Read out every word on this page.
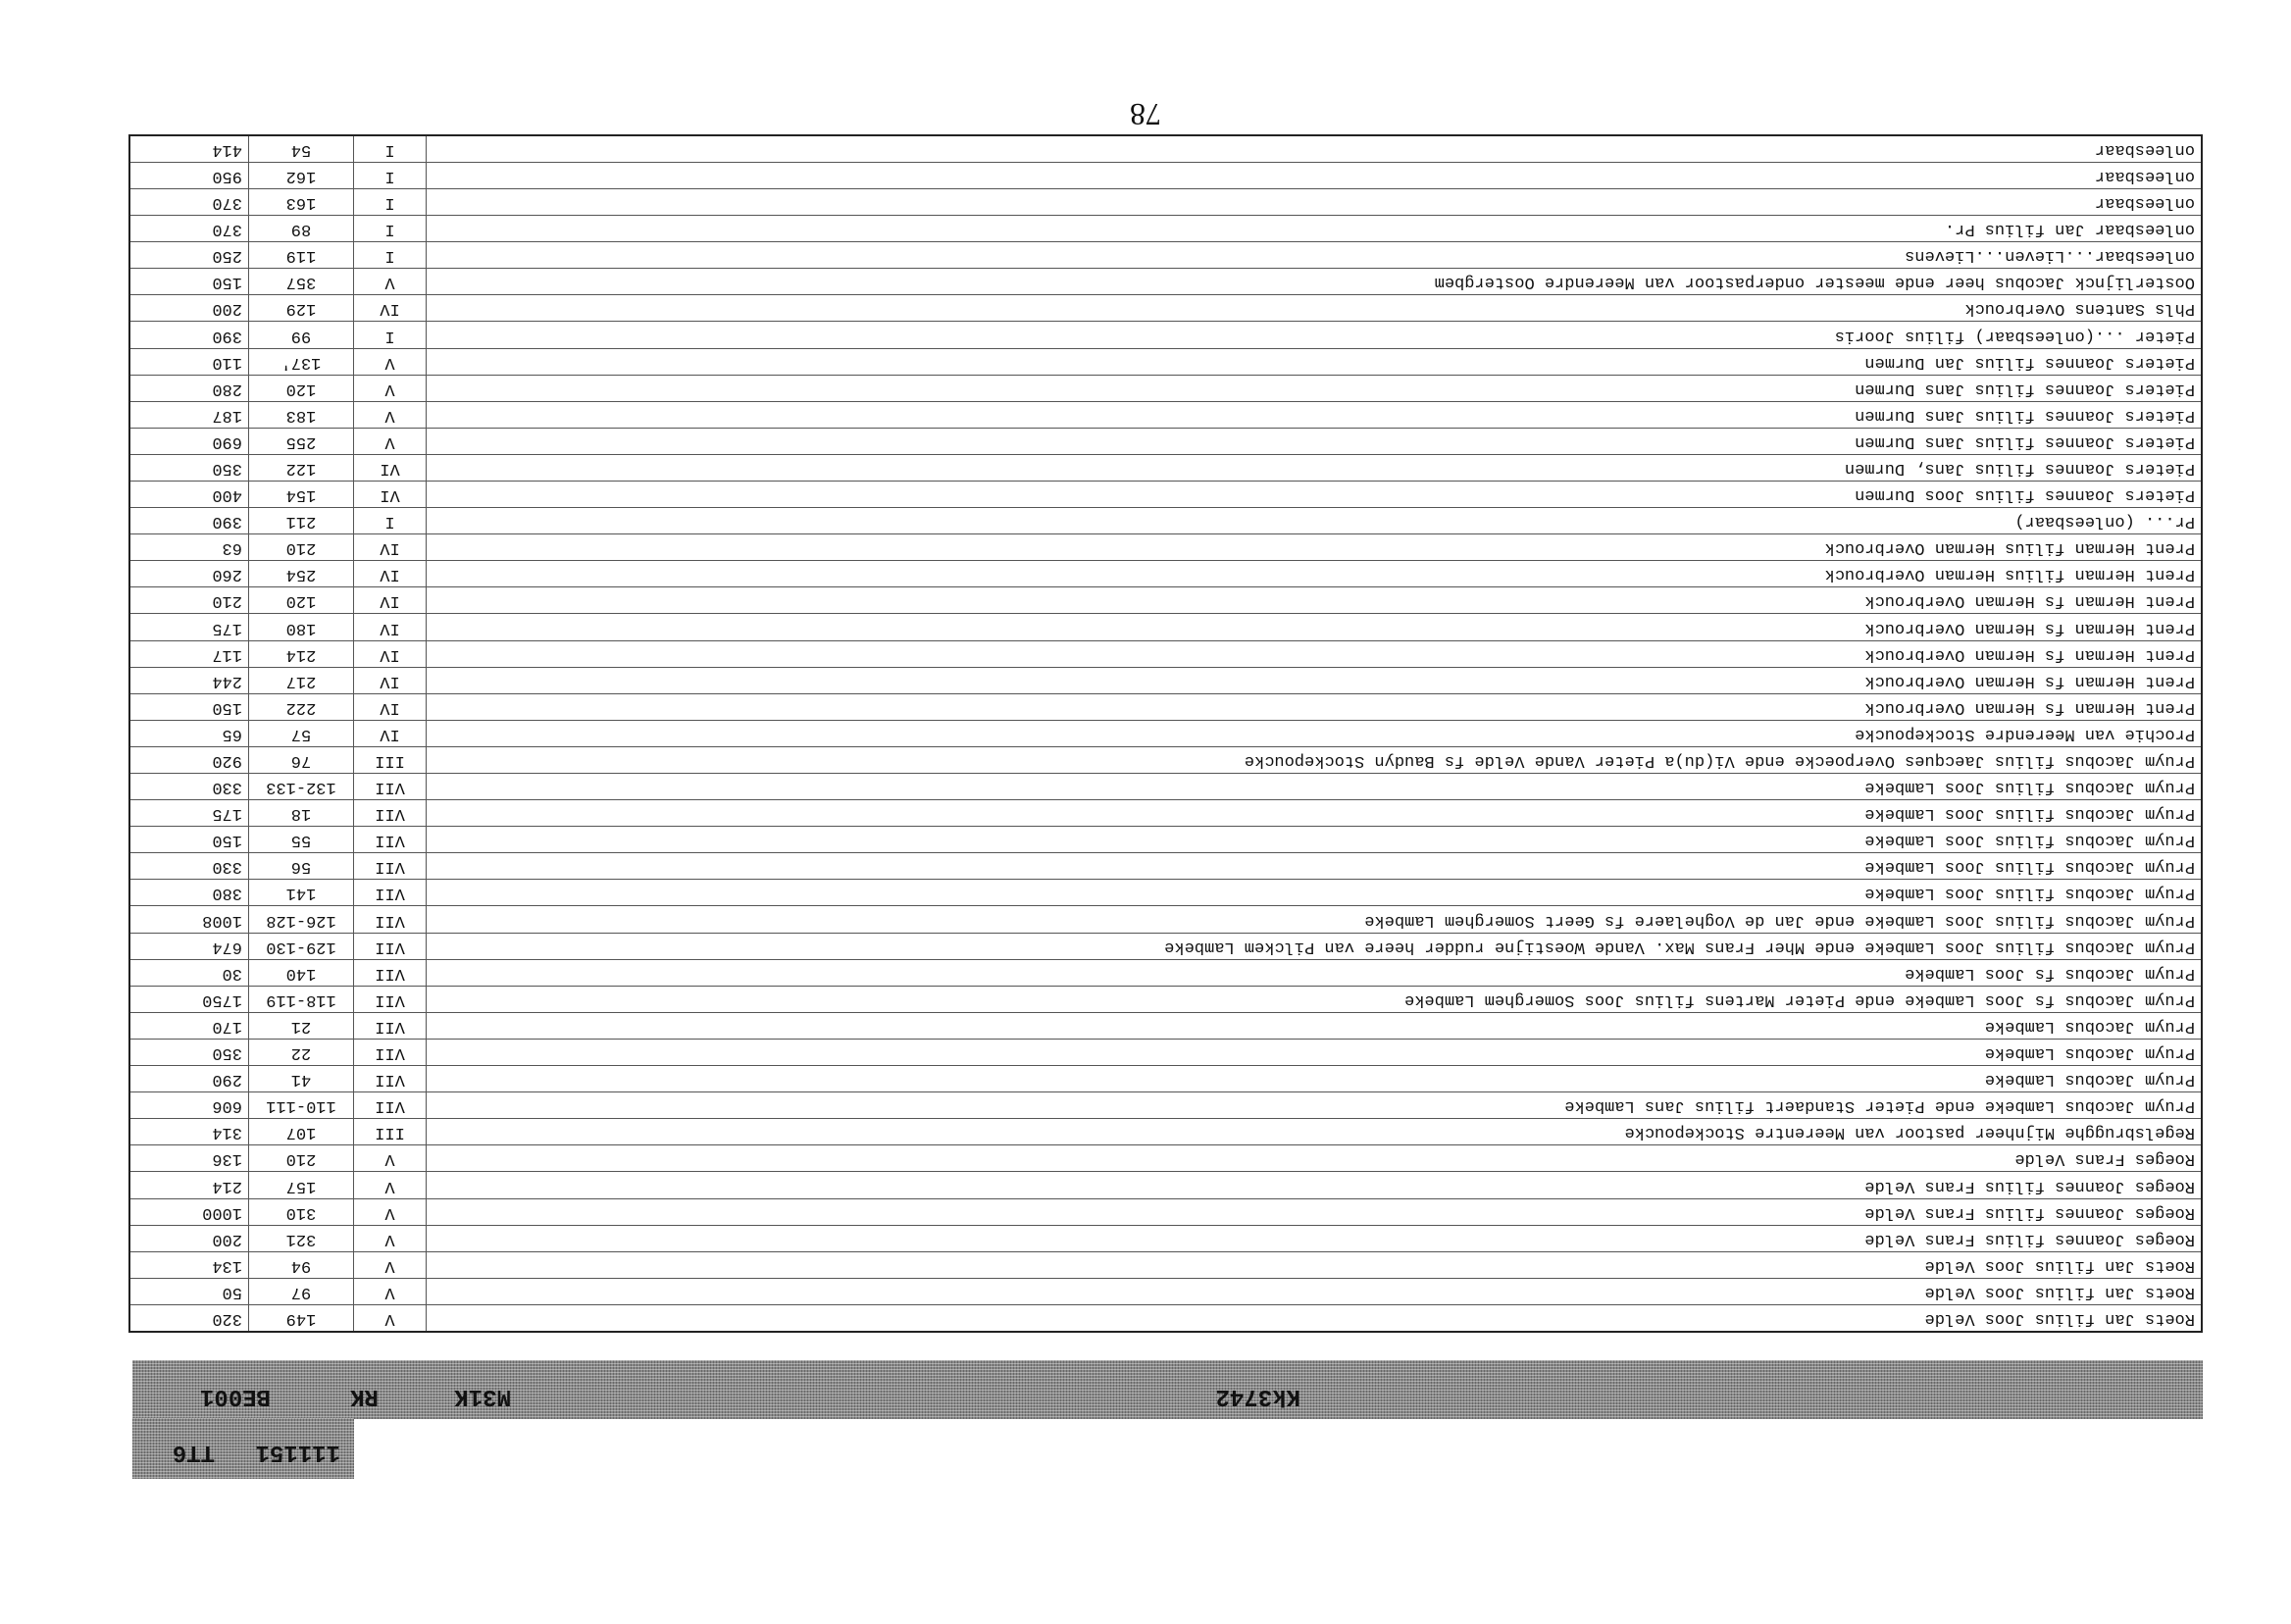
78
Roets Jan filius Joos Velde
V
149
320
Roets Jan filius Joos Velde
V
97
50
Roets Jan filius Joos Velde
V
94
134
Roeges Joannes filius Frans Velde
V
321
200
Roeges Joannes filius Frans Velde
V
310
1000
Roeges Joannes filius Frans Velde
V
157
214
Roeges Frans Velde
V
210
136
Regelsbrugghe Mijnheer pastoor van Meerentre Stockepoucke
III
107
314
Pruym Jacobus Lambeke ende Pieter Standaert filius Jans Lambeke
VII
110-111
606
Pruym Jacobus Lambeke
VII
41
290
Pruym Jacobus Lambeke
VII
22
350
Pruym Jacobus Lambeke
VII
21
170
Pruym Jacobus fs Joos Lambeke ende Pieter Martens filius Joos Somerghem Lambeke
VII
118-119
1750
Pruym Jacobus fs Joos Lambeke
VII
140
30
Pruym Jacobus filius Joos Lambeke ende Mher Frans Max. Vande Woestijne rudder heere van Pilckem Lambeke
VII
129-130
674
Pruym Jacobus filius Joos Lambeke ende Jan de Voghelaere fs Geert Somerghem Lambeke
VII
126-128
1008
Pruym Jacobus filius Joos Lambeke
VII
141
380
Pruym Jacobus filius Joos Lambeke
VII
56
330
Pruym Jacobus filius Joos Lambeke
VII
55
150
Pruym Jacobus filius Joos Lambeke
VII
18
175
Pruym Jacobus filius Joos Lambeke
VII
132-133
330
Pruym Jacobus filius Jaecques Overpoecke ende Vi(du)a Pieter Vande Velde fs Baudyn Stockepoucke
III
76
920
Prochie van Meerendre Stockepoucke
IV
57
65
Prent Herman fs Herman Overbrouck
IV
222
150
Prent Herman fs Herman Overbrouck
IV
217
244
Prent Herman fs Herman Overbrouck
IV
214
117
Prent Herman fs Herman Overbrouck
IV
180
175
Prent Herman fs Herman Overbrouck
IV
120
210
Prent Herman filius Herman Overbrouck
IV
254
260
Prent Herman filius Herman Overbrouck
IV
210
63
Pr... (onleesbaar)
I
211
390
Pieters Joannes filius Joos Durmen
VI
154
400
Pieters Joannes filius Jans, Durmen
VI
122
350
Pieters Joannes filius Jans Durmen
V
255
690
Pieters Joannes filius Jans Durmen
V
183
187
Pieters Joannes filius Jans Durmen
V
120
280
Pieters Joannes filius Jan Durmen
V
137'
110
Pieter ...(onleesbaar) filius Jooris
I
99
390
Phls Santens Overbrouck
IV
129
200
Oosterlijnck Jacobus heer ende meester onderpastoor van Meerendre Oostergbem
V
357
150
onleesbaar...Lieven...Lievens
I
119
250
onleesbaar Jan filius Pr.
I
89
370
onleesbaar
I
163
370
onleesbaar
I
162
950
onleesbaar
I
54
414
Kk3742
M31K
RK
BE001
111151
TT6
